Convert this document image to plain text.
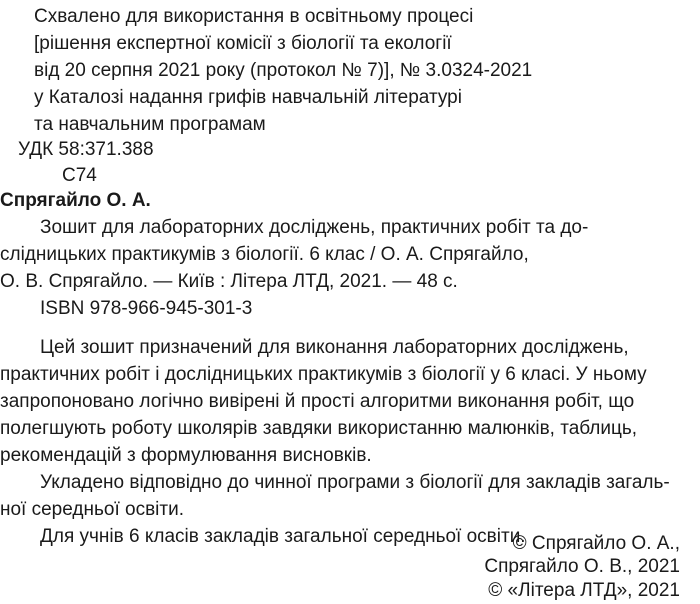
Схвалено для використання в освітньому процесі
[рішення експертної комісії з біології та екології
від 20 серпня 2021 року (протокол № 7)], № 3.0324-2021
у Каталозі надання грифів навчальній літературі
та навчальним програмам
УДК 58:371.388
С74
Спрягайло О. А.
Зошит для лабораторних досліджень, практичних робіт та до-
слідницьких практикумів з біології. 6 клас / О. А. Спрягайло,
О. В. Спрягайло. — Київ : Літера ЛТД, 2021. — 48 с.
ISBN 978-966-945-301-3
Цей зошит призначений для виконання лабораторних досліджень,
практичних робіт і дослідницьких практикумів з біології у 6 класі. У ньому
запропоновано логічно вивірені й прості алгоритми виконання робіт, що
полегшують роботу школярів завдяки використанню малюнків, таблиць,
рекомендацій з формулювання висновків.
Укладено відповідно до чинної програми з біології для закладів загаль-
ної середньої освіти.
Для учнів 6 класів закладів загальної середньої освіти.
© Спрягайло О. А.,
Спрягайло О. В., 2021
© «Літера ЛТД», 2021
